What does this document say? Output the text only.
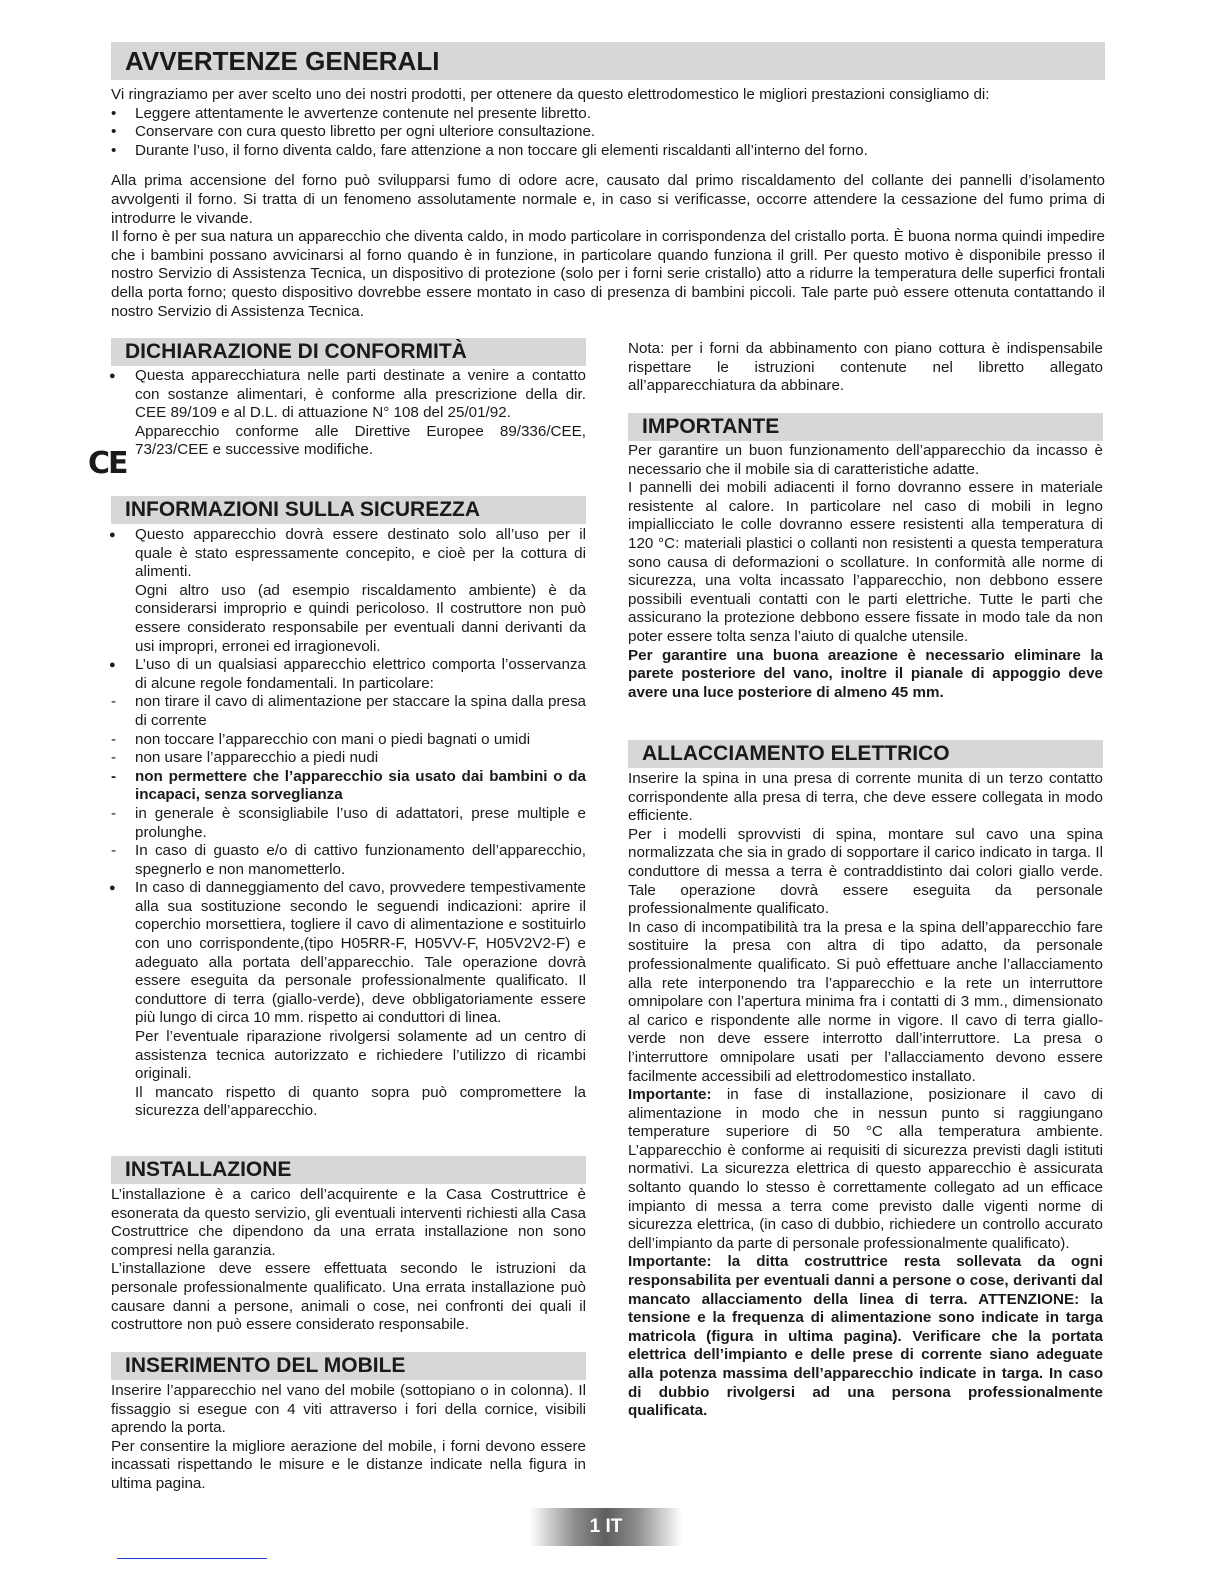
AVVERTENZE GENERALI

Vi ringraziamo per aver scelto uno dei nostri prodotti, per ottenere da questo elettrodomestico le migliori prestazioni consigliamo di:

• Leggere attentamente le avvertenze contenute nel presente libretto.
• Conservare con cura questo libretto per ogni ulteriore consultazione.
• Durante l’uso, il forno diventa caldo, fare attenzione a non toccare gli elementi riscaldanti all’interno del forno.

Alla prima accensione del forno può svilupparsi fumo di odore acre, causato dal primo riscaldamento del collante dei pannelli d’isolamento avvolgenti il forno. Si tratta di un fenomeno assolutamente normale e, in caso si verificasse, occorre attendere la cessazione del fumo prima di introdurre le vivande.

Il forno è per sua natura un apparecchio che diventa caldo, in modo particolare in corrispondenza del cristallo porta. È buona norma quindi impedire che i bambini possano avvicinarsi al forno quando è in funzione, in particolare quando funziona il grill. Per questo motivo è disponibile presso il nostro Servizio di Assistenza Tecnica, un dispositivo di protezione (solo per i forni serie cristallo) atto a ridurre la temperatura delle superfici frontali della porta forno; questo dispositivo dovrebbe essere montato in caso di presenza di bambini piccoli. Tale parte può essere ottenuta contattando il nostro Servizio di Assistenza Tecnica.

DICHIARAZIONE DI CONFORMITÀ
● Questa apparecchiatura nelle parti destinate a venire a contatto con sostanze alimentari, è conforme alla prescrizione della dir. CEE 89/109 e al D.L. di attuazione N° 108 del 25/01/92.
Apparecchio conforme alle Direttive Europee 89/336/CEE, 73/23/CEE e successive modifiche.
CE
INFORMAZIONI SULLA SICUREZZA

● Questo apparecchio dovrà essere destinato solo all’uso per il quale è stato espressamente concepito, e cioè per la cottura di alimenti.

Ogni altro uso (ad esempio riscaldamento ambiente) è da considerarsi improprio e quindi pericoloso. Il costruttore non può essere considerato responsabile per eventuali danni derivanti da usi impropri, erronei ed irragionevoli.

● L’uso di un qualsiasi apparecchio elettrico comporta l’osservanza di alcune regole fondamentali. In particolare:
- non tirare il cavo di alimentazione per staccare la spina dalla presa di corrente
- non toccare l’apparecchio con mani o piedi bagnati o umidi
- non usare l’apparecchio a piedi nudi
- non permettere che l’apparecchio sia usato dai bambini o da incapaci, senza sorveglianza
- in generale è sconsigliabile l’uso di adattatori, prese multiple e prolunghe.
- In caso di guasto e/o di cattivo funzionamento dell’apparecchio, spegnerlo e non manometterlo.

● In caso di danneggiamento del cavo, provvedere tempestivamente alla sua sostituzione secondo le seguendi indicazioni: aprire il coperchio morsettiera, togliere il cavo di alimentazione e sostituirlo con uno corrispondente,(tipo H05RR-F, H05VV-F, H05V2V2-F) e adeguato alla portata dell’apparecchio. Tale operazione dovrà essere eseguita da personale professionalmente qualificato. Il conduttore di terra (giallo-verde), deve obbligatoriamente essere più lungo di circa 10 mm. rispetto ai conduttori di linea.

Per l’eventuale riparazione rivolgersi solamente ad un centro di assistenza tecnica autorizzato e richiedere l’utilizzo di ricambi originali.

Il mancato rispetto di quanto sopra può compromettere la sicurezza dell’apparecchio.

INSTALLAZIONE

L’installazione è a carico dell’acquirente e la Casa Costruttrice è esonerata da questo servizio, gli eventuali interventi richiesti alla Casa Costruttrice che dipendono da una errata installazione non sono compresi nella garanzia.

L’installazione deve essere effettuata secondo le istruzioni da personale professionalmente qualificato. Una errata installazione può causare danni a persone, animali o cose, nei confronti dei quali il costruttore non può essere considerato responsabile.

INSERIMENTO DEL MOBILE

Inserire l’apparecchio nel vano del mobile (sottopiano o in colonna). Il fissaggio si esegue con 4 viti attraverso i fori della cornice, visibili aprendo la porta.

Per consentire la migliore aerazione del mobile, i forni devono essere incassati rispettando le misure e le distanze indicate nella figura in ultima pagina.

Nota: per i forni da abbinamento con piano cottura è indispensabile rispettare le istruzioni contenute nel libretto allegato all’apparecchiatura da abbinare.

IMPORTANTE

Per garantire un buon funzionamento dell’apparecchio da incasso è necessario che il mobile sia di caratteristiche adatte.

I pannelli dei mobili adiacenti il forno dovranno essere in materiale resistente al calore. In particolare nel caso di mobili in legno impiallicciato le colle dovranno essere resistenti alla temperatura di 120 °C: materiali plastici o collanti non resistenti a questa temperatura sono causa di deformazioni o scollature. In conformità alle norme di sicurezza, una volta incassato l’apparecchio, non debbono essere possibili eventuali contatti con le parti elettriche. Tutte le parti che assicurano la protezione debbono essere fissate in modo tale da non poter essere tolta senza l’aiuto di qualche utensile.

Per garantire una buona areazione è necessario eliminare la parete posteriore del vano, inoltre il pianale di appoggio deve avere una luce posteriore di almeno 45 mm.

ALLACCIAMENTO ELETTRICO

Inserire la spina in una presa di corrente munita di un terzo contatto corrispondente alla presa di terra, che deve essere collegata in modo efficiente.

Per i modelli sprovvisti di spina, montare sul cavo una spina normalizzata che sia in grado di sopportare il carico indicato in targa. Il conduttore di messa a terra è contraddistinto dai colori giallo verde. Tale operazione dovrà essere eseguita da personale professionalmente qualificato.

In caso di incompatibilità tra la presa e la spina dell’apparecchio fare sostituire la presa con altra di tipo adatto, da personale professionalmente qualificato. Si può effettuare anche l’allacciamento alla rete interponendo tra l’apparecchio e la rete un interruttore omnipolare con l’apertura minima fra i contatti di 3 mm., dimensionato al carico e rispondente alle norme in vigore. Il cavo di terra giallo-verde non deve essere interrotto dall’interruttore. La presa o l’interruttore omnipolare usati per l’allacciamento devono essere facilmente accessibili ad elettrodomestico installato.

Importante: in fase di installazione, posizionare il cavo di alimentazione in modo che in nessun punto si raggiungano temperature superiore di 50 °C alla temperatura ambiente. L’apparecchio è conforme ai requisiti di sicurezza previsti dagli istituti normativi. La sicurezza elettrica di questo apparecchio è assicurata soltanto quando lo stesso è correttamente collegato ad un efficace impianto di messa a terra come previsto dalle vigenti norme di sicurezza elettrica, (in caso di dubbio, richiedere un controllo accurato dell’impianto da parte di personale professionalmente qualificato).

Importante: la ditta costruttrice resta sollevata da ogni responsabilita per eventuali danni a persone o cose, derivanti dal mancato allacciamento della linea di terra. ATTENZIONE: la tensione e la frequenza di alimentazione sono indicate in targa matricola (figura in ultima pagina). Verificare che la portata elettrica dell’impianto e delle prese di corrente siano adeguate alla potenza massima dell’apparecchio indicate in targa. In caso di dubbio rivolgersi ad una persona professionalmente qualificata.

1 IT
